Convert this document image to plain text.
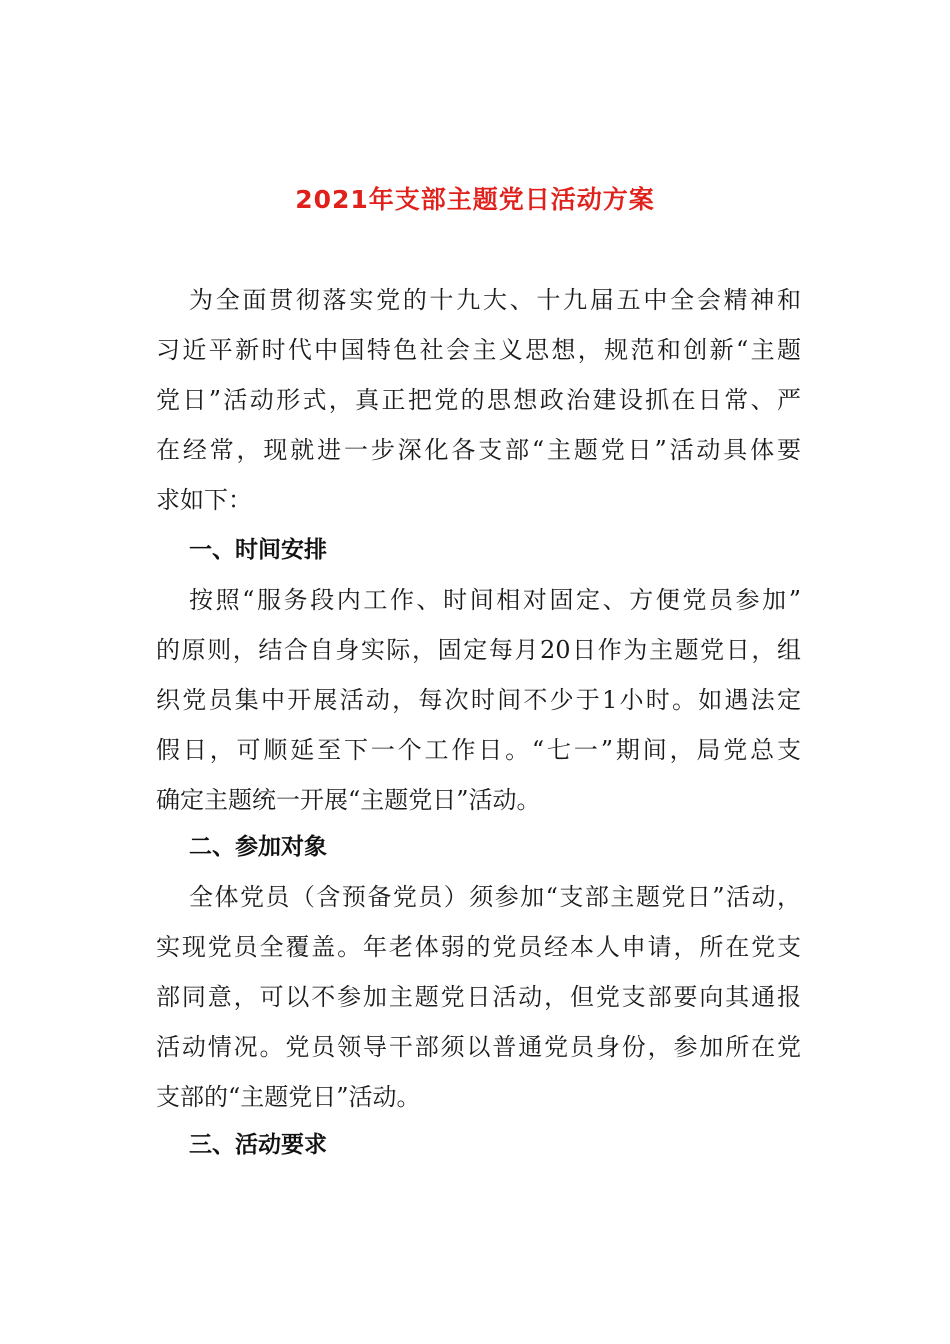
2021年支部主题党日活动方案
为全面贯彻落实党的十九大、十九届五中全会精神和
习近平新时代中国特色社会主义思想，规范和创新“主题
党日”活动形式，真正把党的思想政治建设抓在日常、严
在经常，现就进一步深化各支部“主题党日”活动具体要
求如下：
一、时间安排
按照“服务段内工作、时间相对固定、方便党员参加”
的原则，结合自身实际，固定每月20日作为主题党日，组
织党员集中开展活动，每次时间不少于1小时。如遇法定
假日，可顺延至下一个工作日。“七一”期间，局党总支
确定主题统一开展“主题党日”活动。
二、参加对象
全体党员（含预备党员）须参加“支部主题党日”活动，
实现党员全覆盖。年老体弱的党员经本人申请，所在党支
部同意，可以不参加主题党日活动，但党支部要向其通报
活动情况。党员领导干部须以普通党员身份，参加所在党
支部的“主题党日”活动。
三、活动要求
